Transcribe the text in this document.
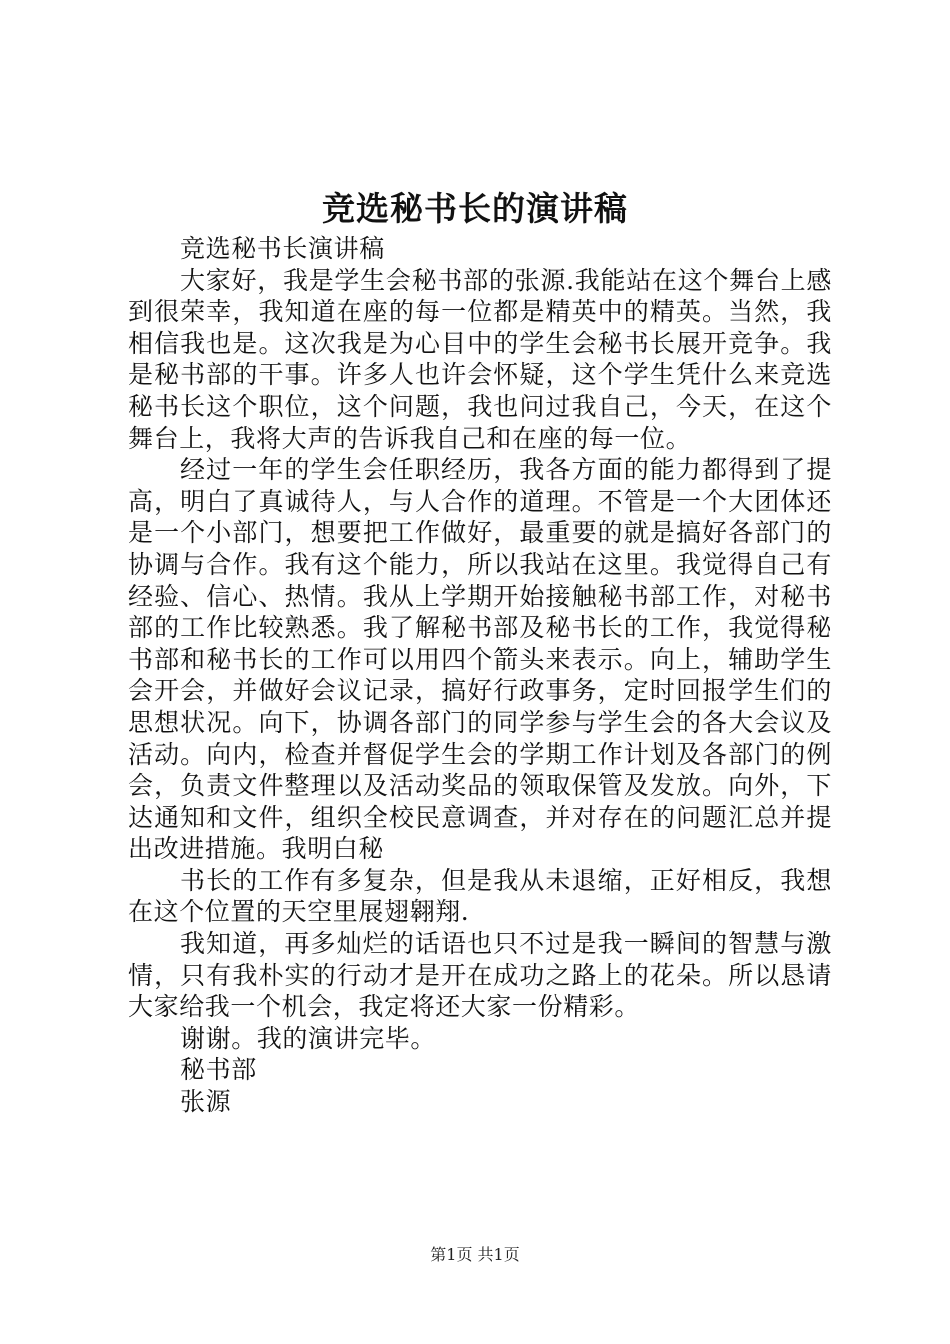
竞选秘书长的演讲稿

竞选秘书长演讲稿

大家好，我是学生会秘书部的张源.我能站在这个舞台上感到很荣幸，我知道在座的每一位都是精英中的精英。当然，我相信我也是。这次我是为心目中的学生会秘书长展开竞争。我是秘书部的干事。许多人也许会怀疑，这个学生凭什么来竞选秘书长这个职位，这个问题，我也问过我自己，今天，在这个舞台上，我将大声的告诉我自己和在座的每一位。

经过一年的学生会任职经历，我各方面的能力都得到了提高，明白了真诚待人，与人合作的道理。不管是一个大团体还是一个小部门，想要把工作做好，最重要的就是搞好各部门的协调与合作。我有这个能力，所以我站在这里。我觉得自己有经验、信心、热情。我从上学期开始接触秘书部工作，对秘书部的工作比较熟悉。我了解秘书部及秘书长的工作，我觉得秘书部和秘书长的工作可以用四个箭头来表示。向上，辅助学生会开会，并做好会议记录，搞好行政事务，定时回报学生们的思想状况。向下，协调各部门的同学参与学生会的各大会议及活动。向内，检查并督促学生会的学期工作计划及各部门的例会，负责文件整理以及活动奖品的领取保管及发放。向外，下达通知和文件，组织全校民意调查，并对存在的问题汇总并提出改进措施。我明白秘

书长的工作有多复杂，但是我从未退缩，正好相反，我想在这个位置的天空里展翅翱翔.

我知道，再多灿烂的话语也只不过是我一瞬间的智慧与激情，只有我朴实的行动才是开在成功之路上的花朵。所以恳请大家给我一个机会，我定将还大家一份精彩。

谢谢。我的演讲完毕。

秘书部

张源

第1页 共1页
